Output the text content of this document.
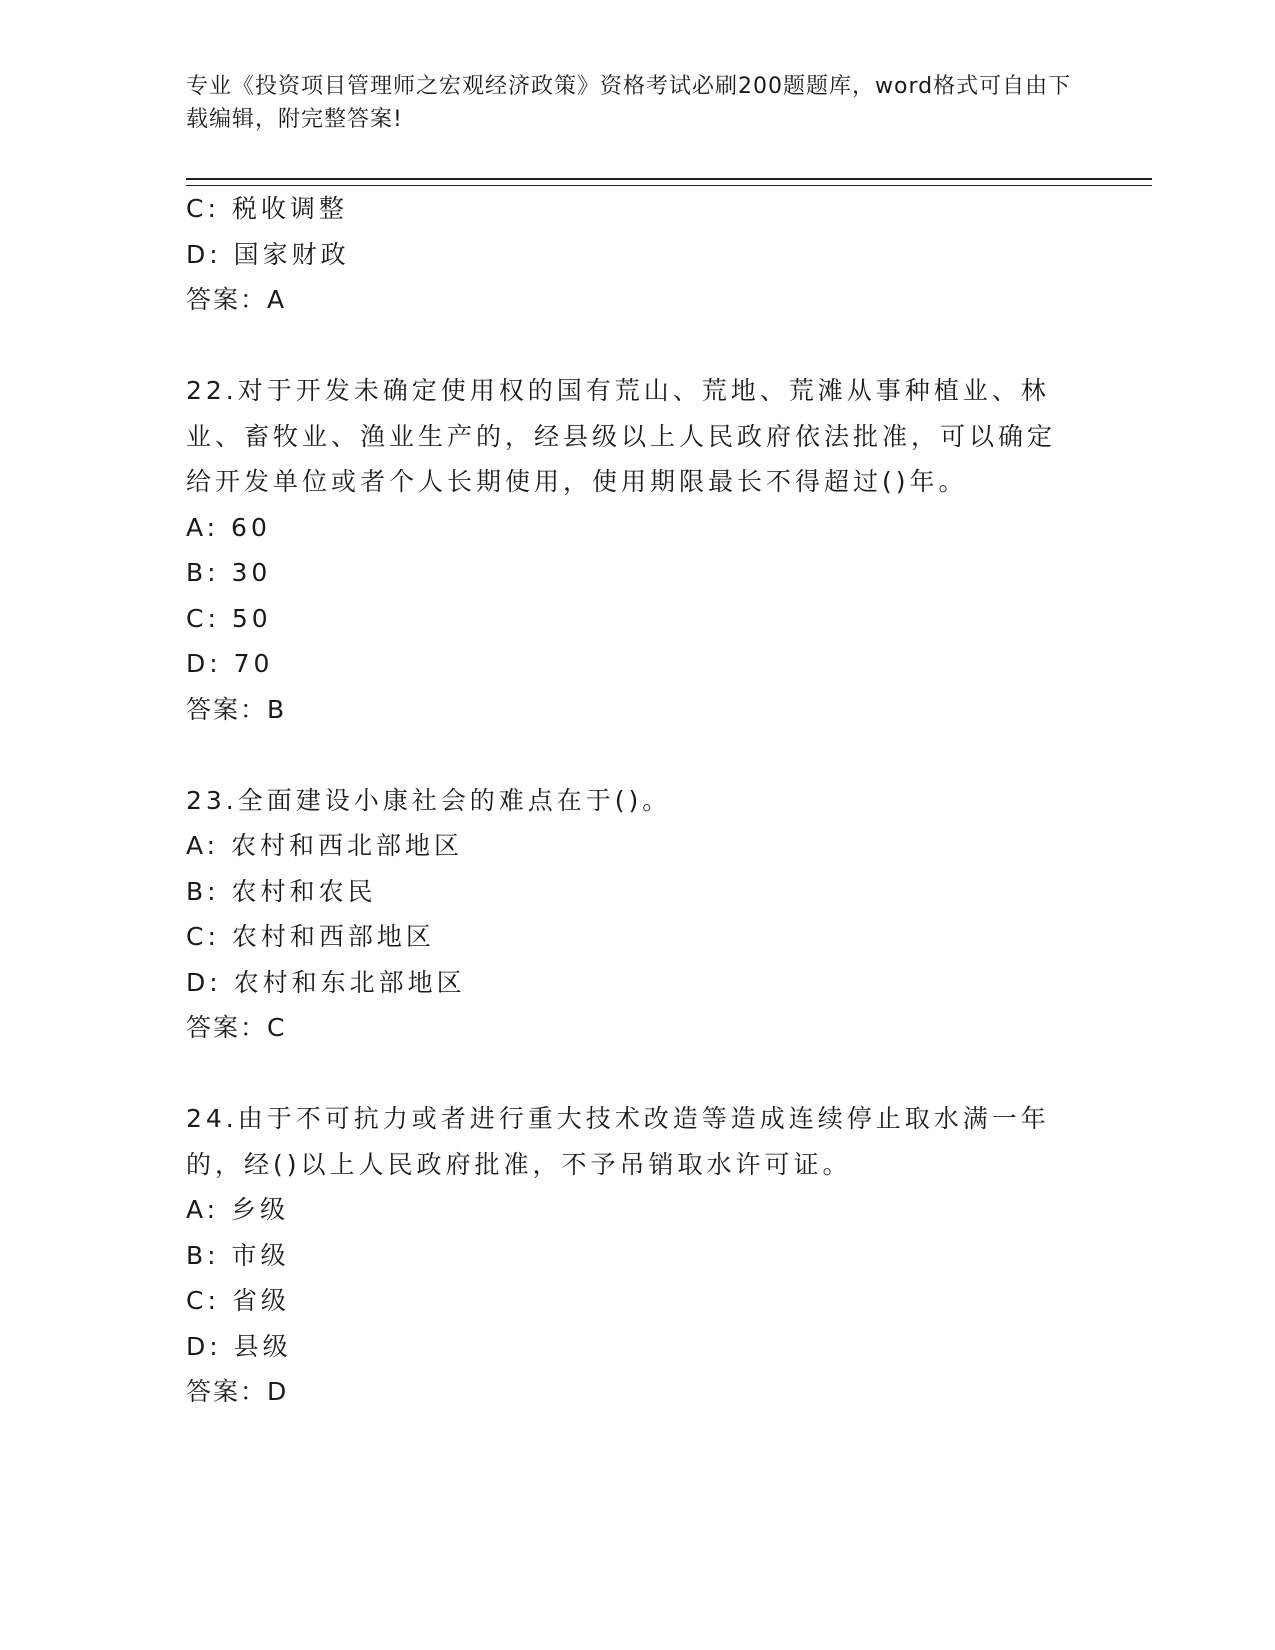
专业《投资项目管理师之宏观经济政策》资格考试必刷200题题库，word格式可自由下载编辑，附完整答案!
C: 税收调整
D: 国家财政
答案：A
22.对于开发未确定使用权的国有荒山、荒地、荒滩从事种植业、林业、畜牧业、渔业生产的，经县级以上人民政府依法批准，可以确定给开发单位或者个人长期使用，使用期限最长不得超过()年。
A: 60
B: 30
C: 50
D: 70
答案：B
23.全面建设小康社会的难点在于()。
A: 农村和西北部地区
B: 农村和农民
C: 农村和西部地区
D: 农村和东北部地区
答案：C
24.由于不可抗力或者进行重大技术改造等造成连续停止取水满一年的，经()以上人民政府批准，不予吊销取水许可证。
A: 乡级
B: 市级
C: 省级
D: 县级
答案：D
